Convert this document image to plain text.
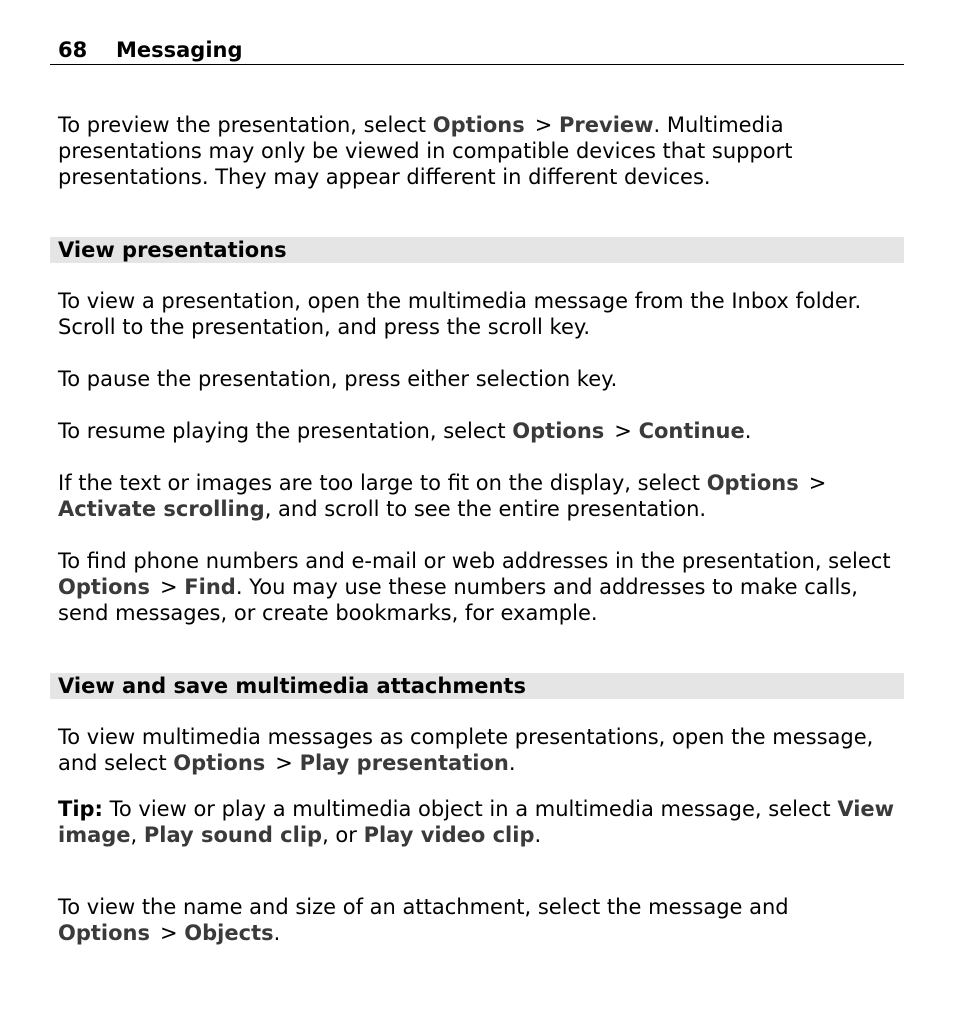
68 Messaging

To preview the presentation, select Options > Preview. Multimedia presentations may only be viewed in compatible devices that support presentations. They may appear different in different devices.

View presentations

To view a presentation, open the multimedia message from the Inbox folder. Scroll to the presentation, and press the scroll key.

To pause the presentation, press either selection key.

To resume playing the presentation, select Options > Continue.

If the text or images are too large to fit on the display, select Options > Activate scrolling, and scroll to see the entire presentation.

To find phone numbers and e-mail or web addresses in the presentation, select Options > Find. You may use these numbers and addresses to make calls, send messages, or create bookmarks, for example.

View and save multimedia attachments

To view multimedia messages as complete presentations, open the message, and select Options > Play presentation.

Tip: To view or play a multimedia object in a multimedia message, select View image, Play sound clip, or Play video clip.

To view the name and size of an attachment, select the message and Options > Objects.
